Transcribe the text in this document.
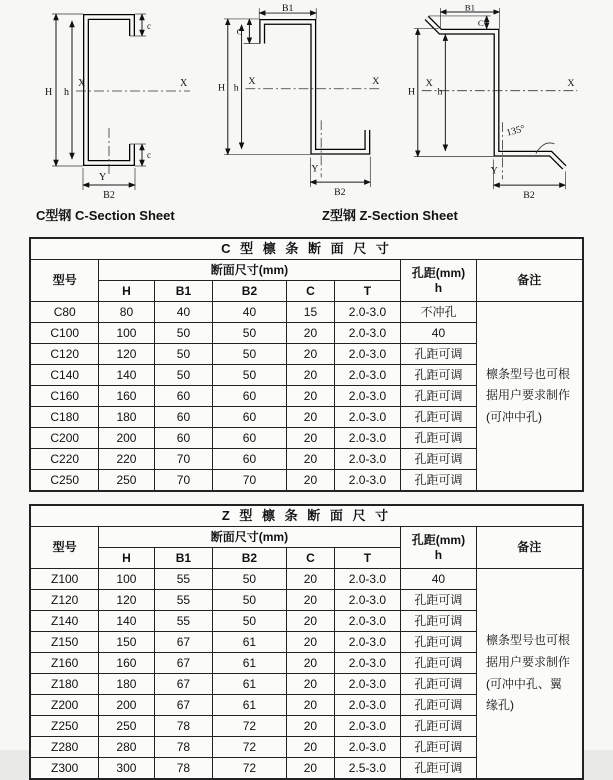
H h
X	X
Y
B2
c
c
B1
C
H h
X	X
Y
B2
B1
C
H h
X	X
Y
B2
135°
C型钢 C-Section Sheet	Z型钢 Z-Section Sheet
C 型 檩 条 断 面 尺 寸							
型号	断面尺寸(mm)					孔距(mm)
h	备注
	H	B1	B2	C	T		
C80	80	40	40	15	2.0-3.0	不冲孔	檩条型号也可根据用户要求制作(可冲中孔)
C100	100	50	50	20	2.0-3.0	40	
C120	120	50	50	20	2.0-3.0	孔距可调	
C140	140	50	50	20	2.0-3.0	孔距可调	
C160	160	60	60	20	2.0-3.0	孔距可调	
C180	180	60	60	20	2.0-3.0	孔距可调	
C200	200	60	60	20	2.0-3.0	孔距可调	
C220	220	70	60	20	2.0-3.0	孔距可调	
C250	250	70	70	20	2.0-3.0	孔距可调	
Z 型 檩 条 断 面 尺 寸							
型号	断面尺寸(mm)					孔距(mm)
h	备注
	H	B1	B2	C	T		
Z100	100	55	50	20	2.0-3.0	40	檩条型号也可根据用户要求制作(可冲中孔、翼缘孔)
Z120	120	55	50	20	2.0-3.0	孔距可调	
Z140	140	55	50	20	2.0-3.0	孔距可调	
Z150	150	67	61	20	2.0-3.0	孔距可调	
Z160	160	67	61	20	2.0-3.0	孔距可调	
Z180	180	67	61	20	2.0-3.0	孔距可调	
Z200	200	67	61	20	2.0-3.0	孔距可调	
Z250	250	78	72	20	2.0-3.0	孔距可调	
Z280	280	78	72	20	2.0-3.0	孔距可调	
Z300	300	78	72	20	2.5-3.0	孔距可调	
